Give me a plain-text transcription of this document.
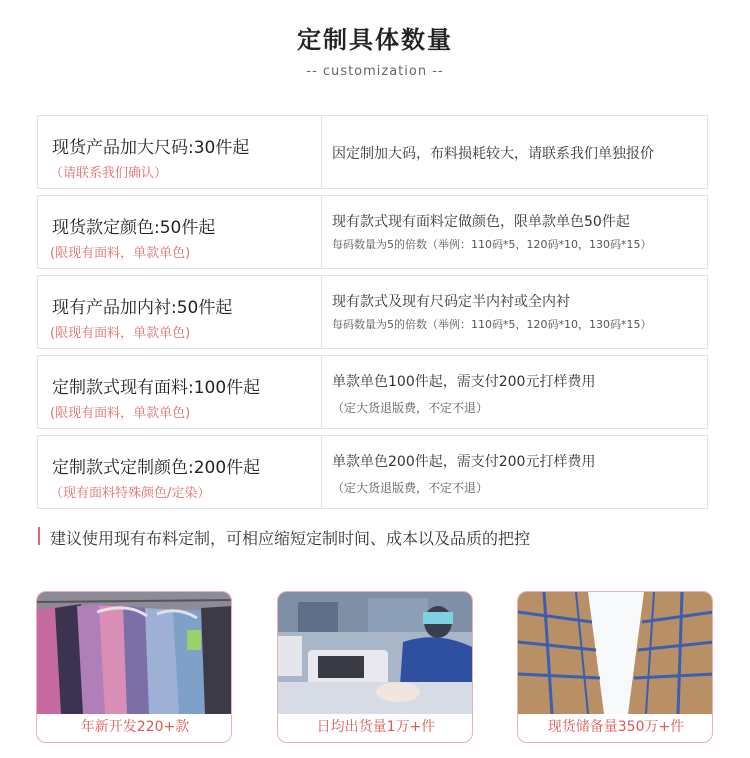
定制具体数量
-- customization --
现货产品加大尺码:30件起
（请联系我们确认）
因定制加大码，布料损耗较大，请联系我们单独报价
现货款定颜色:50件起
(限现有面料，单款单色)
现有款式现有面料定做颜色，限单款单色50件起
每码数量为5的倍数（举例：110码*5，120码*10，130码*15）
现有产品加内衬:50件起
(限现有面料，单款单色)
现有款式及现有尺码定半内衬或全内衬
每码数量为5的倍数（举例：110码*5，120码*10，130码*15）
定制款式现有面料:100件起
(限现有面料，单款单色)
单款单色100件起，需支付200元打样费用
（定大货退版费，不定不退）
定制款式定制颜色:200件起
（现有面料特殊颜色/定染）
单款单色200件起，需支付200元打样费用
（定大货退版费，不定不退）
建议使用现有布料定制，可相应缩短定制时间、成本以及品质的把控
年新开发220+款	日均出货量1万+件	现货储备量350万+件
